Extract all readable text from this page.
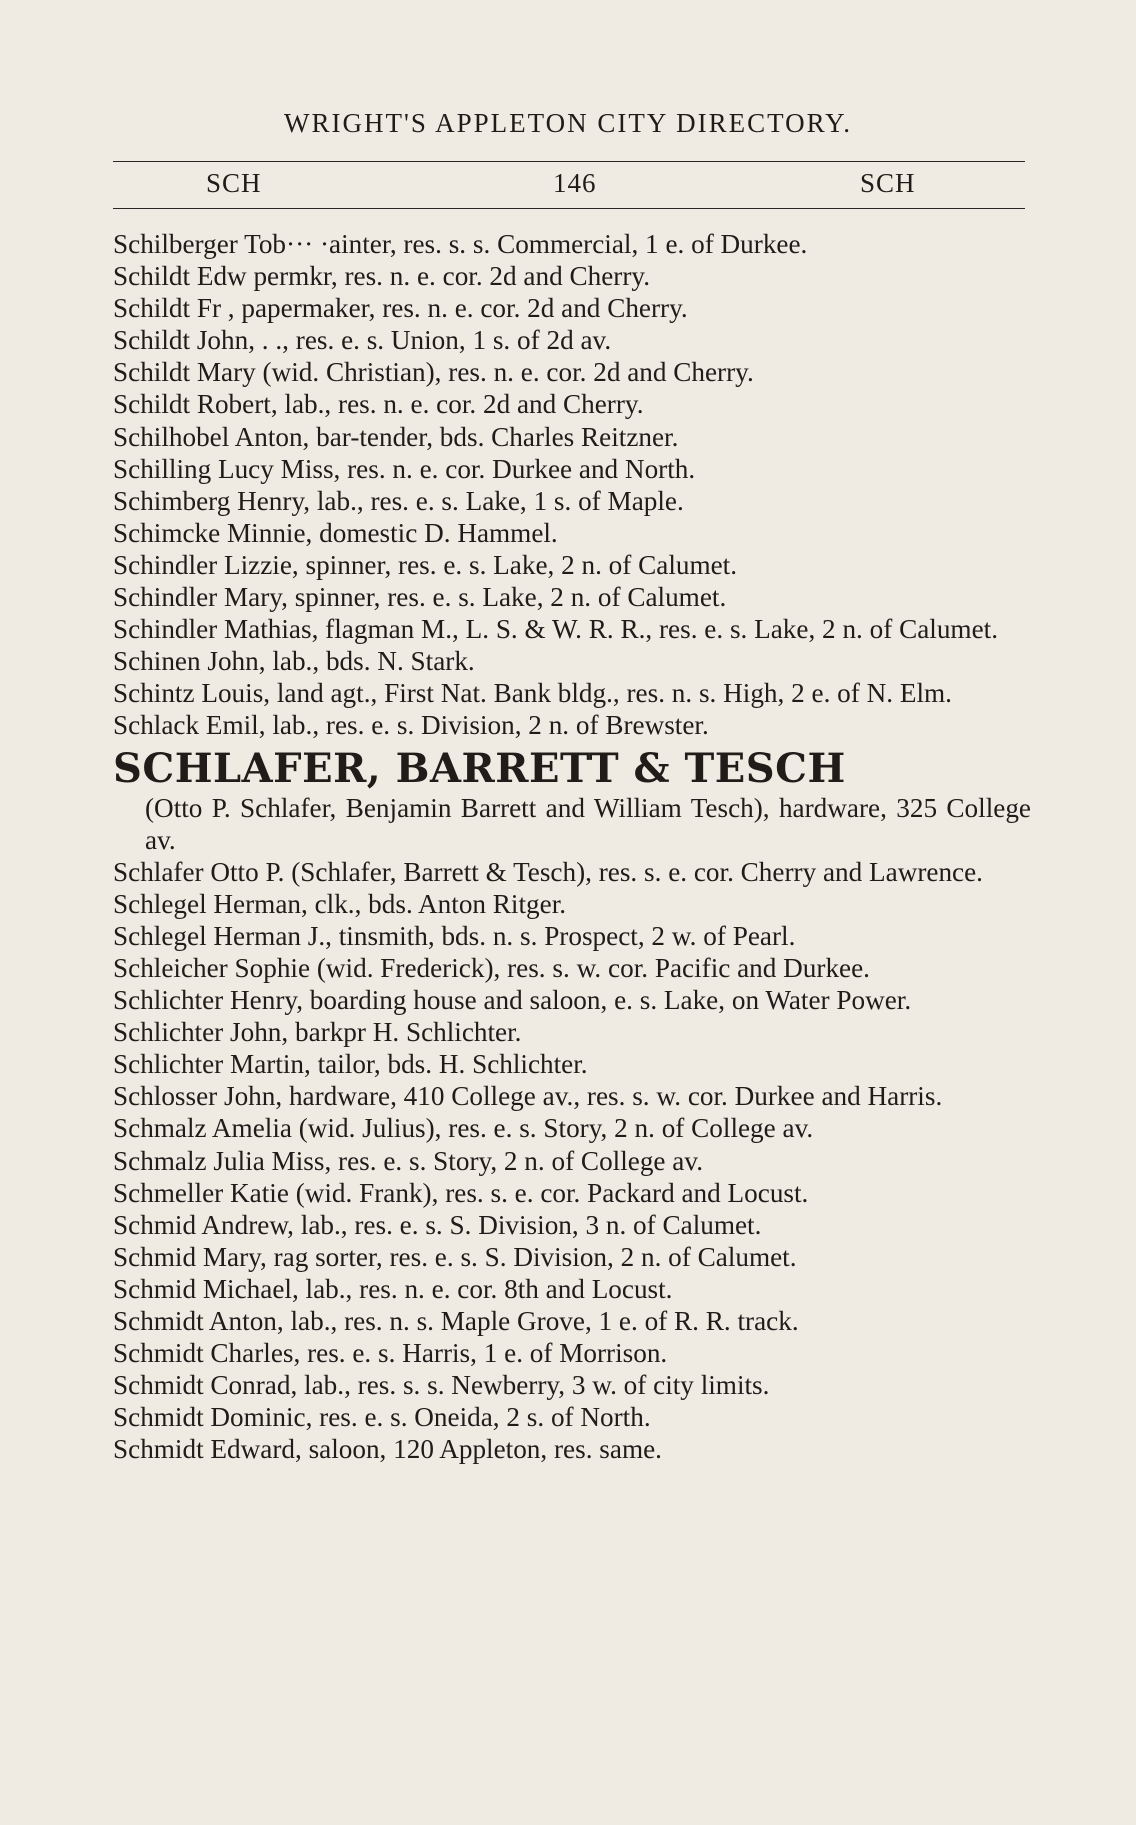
WRIGHT'S APPLETON CITY DIRECTORY.
SCH	146	SCH
Schilberger Tob··· ·ainter, res. s. s. Commercial, 1 e. of Durkee.
Schildt Edw permkr, res. n. e. cor. 2d and Cherry.
Schildt Fr , papermaker, res. n. e. cor. 2d and Cherry.
Schildt John, . ., res. e. s. Union, 1 s. of 2d av.
Schildt Mary (wid. Christian), res. n. e. cor. 2d and Cherry.
Schildt Robert, lab., res. n. e. cor. 2d and Cherry.
Schilhobel Anton, bar-tender, bds. Charles Reitzner.
Schilling Lucy Miss, res. n. e. cor. Durkee and North.
Schimberg Henry, lab., res. e. s. Lake, 1 s. of Maple.
Schimcke Minnie, domestic D. Hammel.
Schindler Lizzie, spinner, res. e. s. Lake, 2 n. of Calumet.
Schindler Mary, spinner, res. e. s. Lake, 2 n. of Calumet.
Schindler Mathias, flagman M., L. S. & W. R. R., res. e. s. Lake, 2 n. of Calumet.
Schinen John, lab., bds. N. Stark.
Schintz Louis, land agt., First Nat. Bank bldg., res. n. s. High, 2 e. of N. Elm.
Schlack Emil, lab., res. e. s. Division, 2 n. of Brewster.
SCHLAFER, BARRETT & TESCH
(Otto P. Schlafer, Benjamin Barrett and William Tesch), hardware, 325 College av.
Schlafer Otto P. (Schlafer, Barrett & Tesch), res. s. e. cor. Cherry and Lawrence.
Schlegel Herman, clk., bds. Anton Ritger.
Schlegel Herman J., tinsmith, bds. n. s. Prospect, 2 w. of Pearl.
Schleicher Sophie (wid. Frederick), res. s. w. cor. Pacific and Durkee.
Schlichter Henry, boarding house and saloon, e. s. Lake, on Water Power.
Schlichter John, barkpr H. Schlichter.
Schlichter Martin, tailor, bds. H. Schlichter.
Schlosser John, hardware, 410 College av., res. s. w. cor. Durkee and Harris.
Schmalz Amelia (wid. Julius), res. e. s. Story, 2 n. of College av.
Schmalz Julia Miss, res. e. s. Story, 2 n. of College av.
Schmeller Katie (wid. Frank), res. s. e. cor. Packard and Locust.
Schmid Andrew, lab., res. e. s. S. Division, 3 n. of Calumet.
Schmid Mary, rag sorter, res. e. s. S. Division, 2 n. of Calumet.
Schmid Michael, lab., res. n. e. cor. 8th and Locust.
Schmidt Anton, lab., res. n. s. Maple Grove, 1 e. of R. R. track.
Schmidt Charles, res. e. s. Harris, 1 e. of Morrison.
Schmidt Conrad, lab., res. s. s. Newberry, 3 w. of city limits.
Schmidt Dominic, res. e. s. Oneida, 2 s. of North.
Schmidt Edward, saloon, 120 Appleton, res. same.
